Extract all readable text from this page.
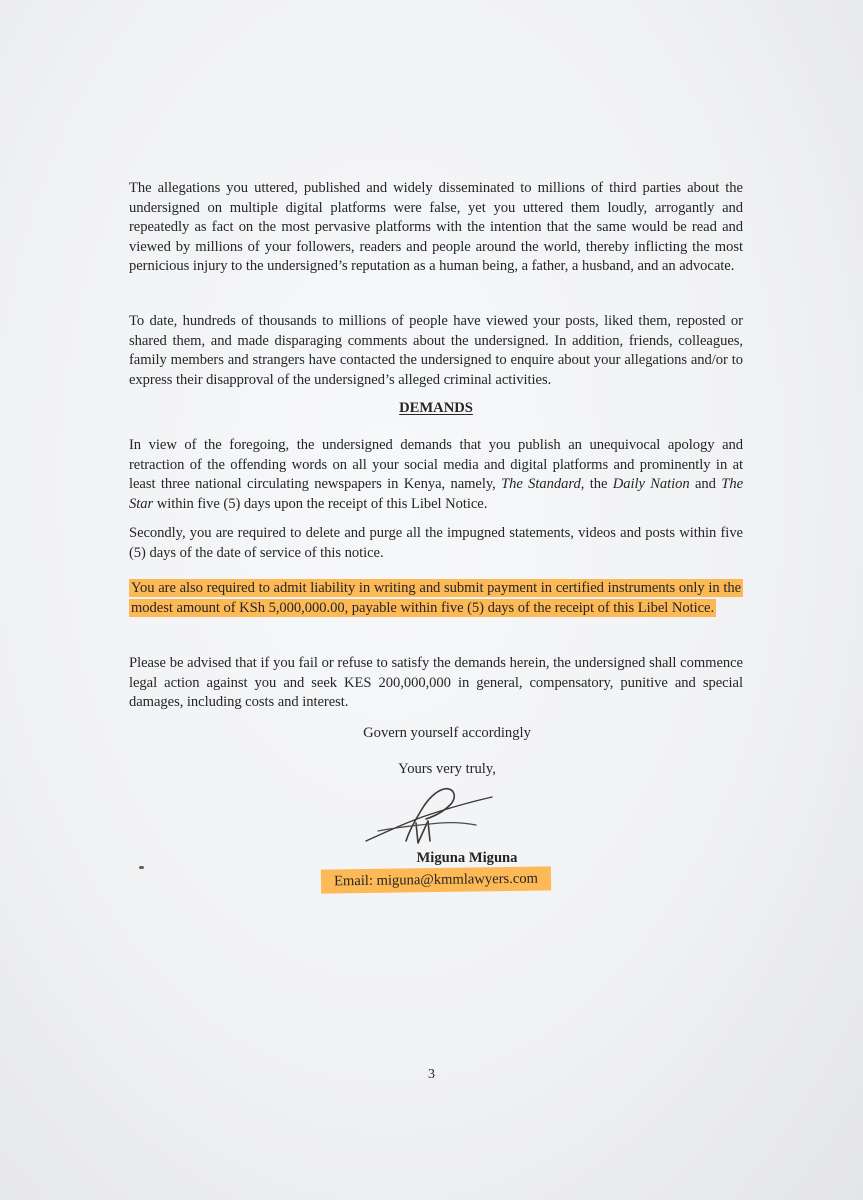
The allegations you uttered, published and widely disseminated to millions of third parties about the undersigned on multiple digital platforms were false, yet you uttered them loudly, arrogantly and repeatedly as fact on the most pervasive platforms with the intention that the same would be read and viewed by millions of your followers, readers and people around the world, thereby inflicting the most pernicious injury to the undersigned’s reputation as a human being, a father, a husband, and an advocate.

To date, hundreds of thousands to millions of people have viewed your posts, liked them, reposted or shared them, and made disparaging comments about the undersigned. In addition, friends, colleagues, family members and strangers have contacted the undersigned to enquire about your allegations and/or to express their disapproval of the undersigned’s alleged criminal activities.

DEMANDS

In view of the foregoing, the undersigned demands that you publish an unequivocal apology and retraction of the offending words on all your social media and digital platforms and prominently in at least three national circulating newspapers in Kenya, namely, The Standard, the Daily Nation and The Star within five (5) days upon the receipt of this Libel Notice.

Secondly, you are required to delete and purge all the impugned statements, videos and posts within five (5) days of the date of service of this notice.

You are also required to admit liability in writing and submit payment in certified instruments only in the modest amount of KSh 5,000,000.00, payable within five (5) days of the receipt of this Libel Notice.

Please be advised that if you fail or refuse to satisfy the demands herein, the undersigned shall commence legal action against you and seek KES 200,000,000 in general, compensatory, punitive and special damages, including costs and interest.

Govern yourself accordingly

Yours very truly,

Miguna Miguna

Email: miguna@kmmlawyers.com
3
